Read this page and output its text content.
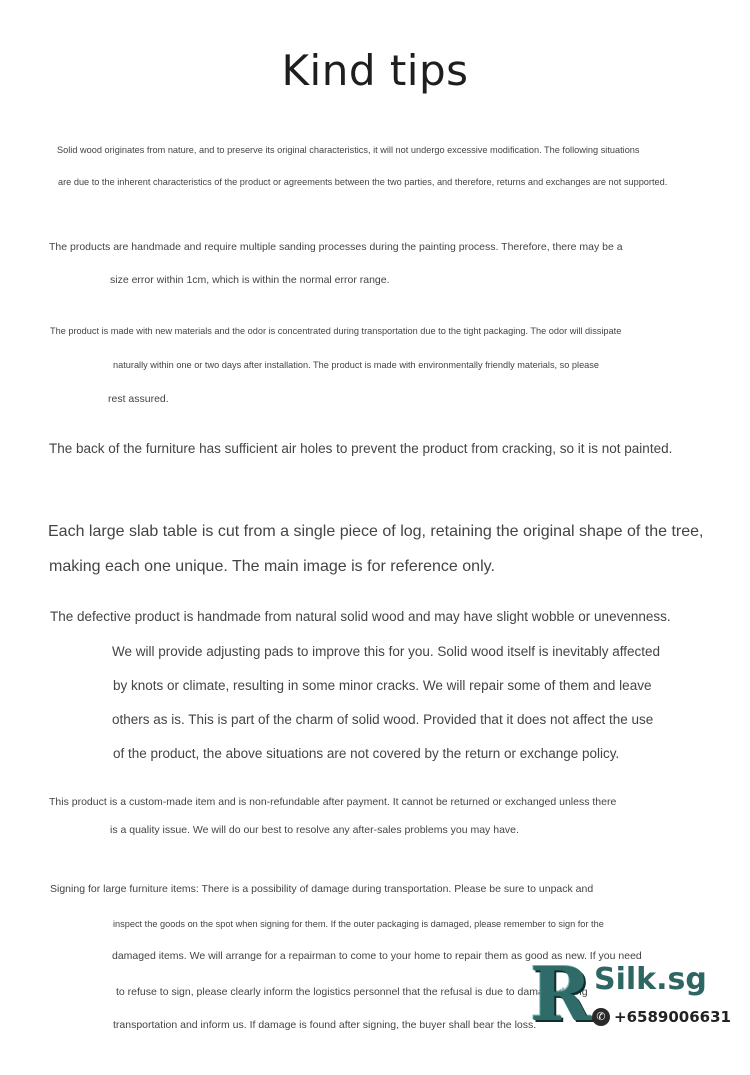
Kind tips
Solid wood originates from nature, and to preserve its original characteristics, it will not undergo excessive modification. The following situations
are due to the inherent characteristics of the product or agreements between the two parties, and therefore, returns and exchanges are not supported.
The products are handmade and require multiple sanding processes during the painting process. Therefore, there may be a
size error within 1cm, which is within the normal error range.
The product is made with new materials and the odor is concentrated during transportation due to the tight packaging. The odor will dissipate
naturally within one or two days after installation. The product is made with environmentally friendly materials, so please
rest assured.
The back of the furniture has sufficient air holes to prevent the product from cracking, so it is not painted.
Each large slab table is cut from a single piece of log, retaining the original shape of the tree,
making each one unique. The main image is for reference only.
The defective product is handmade from natural solid wood and may have slight wobble or unevenness.
We will provide adjusting pads to improve this for you. Solid wood itself is inevitably affected
by knots or climate, resulting in some minor cracks. We will repair some of them and leave
others as is. This is part of the charm of solid wood. Provided that it does not affect the use
of the product, the above situations are not covered by the return or exchange policy.
This product is a custom-made item and is non-refundable after payment. It cannot be returned or exchanged unless there
is a quality issue. We will do our best to resolve any after-sales problems you may have.
Signing for large furniture items: There is a possibility of damage during transportation. Please be sure to unpack and
inspect the goods on the spot when signing for them. If the outer packaging is damaged, please remember to sign for the
damaged items. We will arrange for a repairman to come to your home to repair them as good as new. If you need
to refuse to sign, please clearly inform the logistics personnel that the refusal is due to damage during
transportation and inform us. If damage is found after signing, the buyer shall bear the loss.
R Silk.sg
✆ +6589006631
